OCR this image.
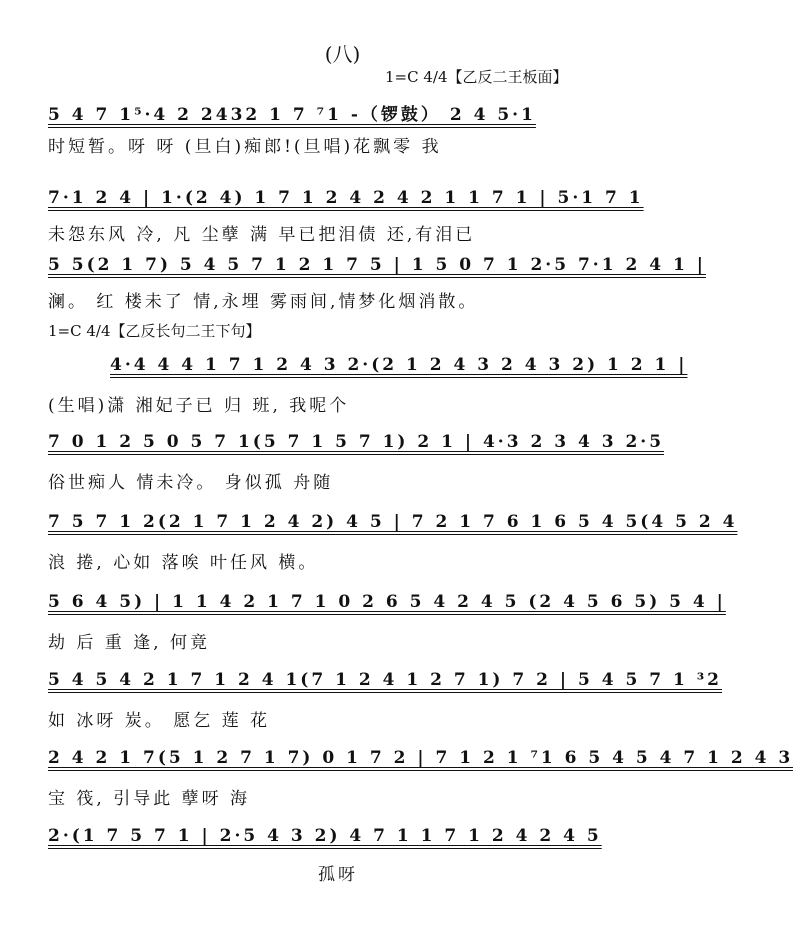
(八)
1=C 4/4【乙反二王板面】
5 4 7 1⁵·4 2 2432 1 7 ⁷1 -（锣鼓） 2 4 5·1
时短暂。呀 呀 (旦白)痴郎!(旦唱)花飘零 我
7·1 2 4 | 1·(2 4) 1 7 1 2 4 2 4 2 1 1 7 1 | 5·1 7 1
未怨东风 冷, 凡 尘孽 满 早已把泪债 还,有泪已
5 5(2 1 7) 5 4 5 7 1 2 1 7 5 | 1 5 0 7 1 2·5 7·1 2 4 1 |
澜。 红 楼未了 情,永埋 雾雨间,情梦化烟消散。
1=C 4/4【乙反长句二王下句】
4·4 4 4 1 7 1 2 4 3 2·(2 1 2 4 3 2 4 3 2) 1 2 1 |
(生唱)潇 湘妃子已 归 班, 我呢个
7 0 1 2 5 0 5 7 1(5 7 1 5 7 1) 2 1 | 4·3 2 3 4 3 2·5
俗世痴人 情未冷。 身似孤 舟随
7 5 7 1 2(2 1 7 1 2 4 2) 4 5 | 7 2 1 7 6 1 6 5 4 5(4 5 2 4
浪 捲, 心如 落唉 叶任风 横。
5 6 4 5) | 1 1 4 2 1 7 1 0 2 6 5 4 2 4 5 (2 4 5 6 5) 5 4 |
劫 后 重 逢, 何竟
5 4 5 4 2 1 7 1 2 4 1(7 1 2 4 1 2 7 1) 7 2 | 5 4 5 7 1 ³2
如 冰呀 炭。 愿乞 莲 花
2 4 2 1 7(5 1 2 7 1 7) 0 1 7 2 | 7 1 2 1 ⁷1 6 5 4 5 4 7 1 2 4 3
宝 筏, 引导此 孽呀 海
2·(1 7 5 7 1 | 2·5 4 3 2) 4 7 1 1 7 1 2 4 2 4 5
孤呀
